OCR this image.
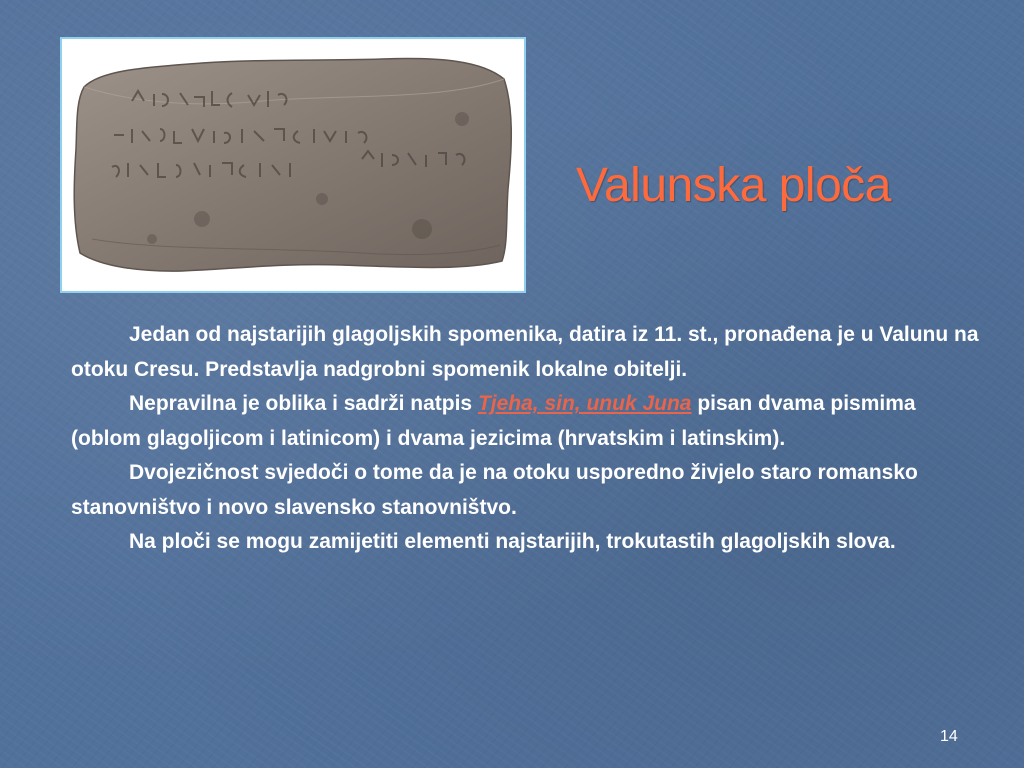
Valunska ploča

Jedan od najstarijih glagoljskih spomenika, datira iz 11. st., pronađena je u Valunu na otoku Cresu. Predstavlja nadgrobni spomenik lokalne obitelji.

Nepravilna je oblika i sadrži natpis Tjeha, sin, unuk Juna pisan dvama pismima (oblom glagoljicom i latinicom) i dvama jezicima (hrvatskim i latinskim).

Dvojezičnost svjedoči o tome da je na otoku usporedno živjelo staro romansko stanovništvo i novo slavensko stanovništvo.

Na ploči se mogu zamijetiti elementi najstarijih, trokutastih glagoljskih slova.

14
